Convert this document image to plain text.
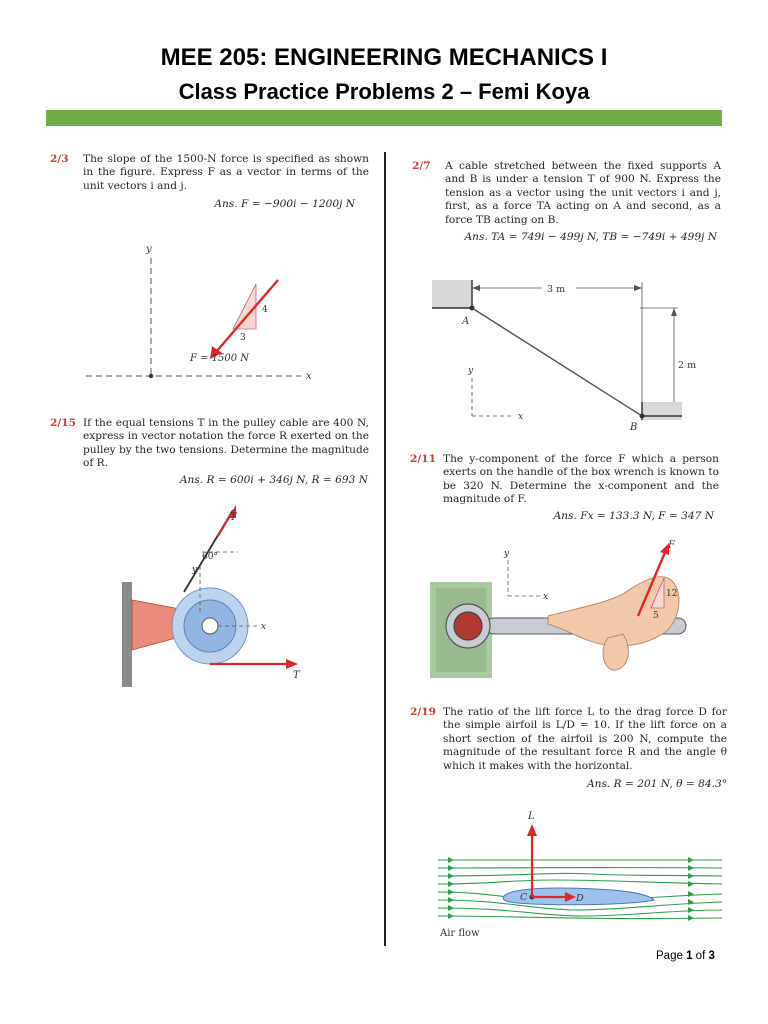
MEE 205: ENGINEERING MECHANICS I
Class Practice Problems 2 – Femi Koya
2/3 The slope of the 1500-N force is specified as shown in the figure. Express F as a vector in terms of the unit vectors i and j.
Ans. F = −900i − 1200j N
y
x
4
3
F = 1500 N
2/15 If the equal tensions T in the pulley cable are 400 N, express in vector notation the force R exerted on the pulley by the two tensions. Determine the magnitude of R.
Ans. R = 600i + 346j N, R = 693 N
T
60°
y
x
T
2/7 A cable stretched between the fixed supports A and B is under a tension T of 900 N. Express the tension as a vector using the unit vectors i and j, first, as a force TA acting on A and second, as a force TB acting on B.
Ans. TA = 749i − 499j N, TB = −749i + 499j N
3 m
2 m
A
B
y
x
2/11 The y-component of the force F which a person exerts on the handle of the box wrench is known to be 320 N. Determine the x-component and the magnitude of F.
Ans. Fx = 133.3 N, F = 347 N
y
x	12
5
F
2/19 The ratio of the lift force L to the drag force D for the simple airfoil is L/D = 10. If the lift force on a short section of the airfoil is 200 N, compute the magnitude of the resultant force R and the angle θ which it makes with the horizontal.
Ans. R = 201 N, θ = 84.3°
L
C	D
Air flow
Page 1 of 3
